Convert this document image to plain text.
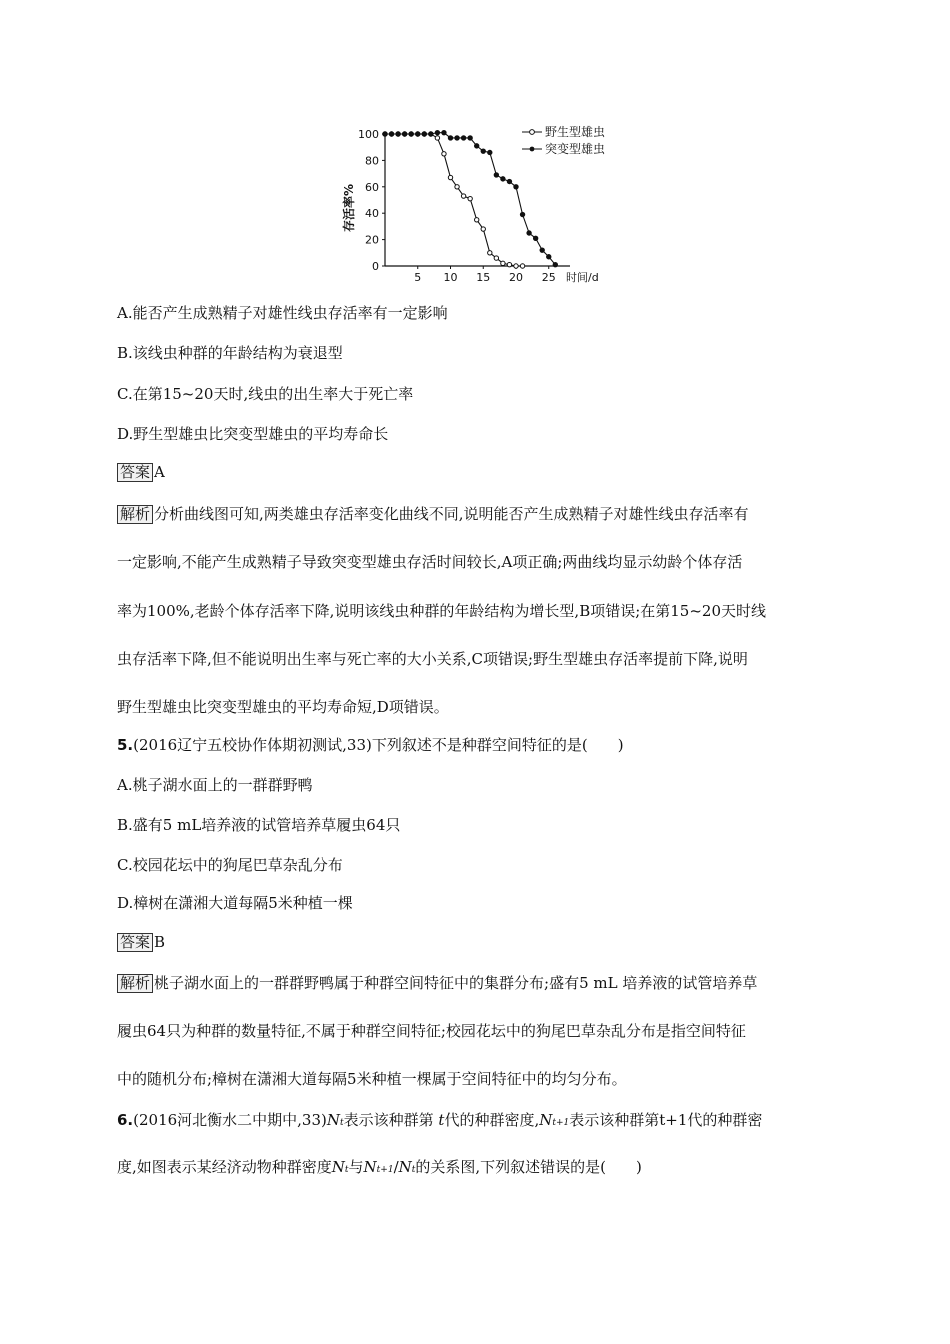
存活率%
0
20
40
60
80
100
5 10 15 20 25 时间/d
野生型雄虫
突变型雄虫
A.能否产生成熟精子对雄性线虫存活率有一定影响
B.该线虫种群的年龄结构为衰退型
C.在第15~20天时,线虫的出生率大于死亡率
D.野生型雄虫比突变型雄虫的平均寿命长
答案 A
解析 分析曲线图可知,两类雄虫存活率变化曲线不同,说明能否产生成熟精子对雄性线虫存活率有
一定影响,不能产生成熟精子导致突变型雄虫存活时间较长,A项正确;两曲线均显示幼龄个体存活
率为100%,老龄个体存活率下降,说明该线虫种群的年龄结构为增长型,B项错误;在第15~20天时线
虫存活率下降,但不能说明出生率与死亡率的大小关系,C项错误;野生型雄虫存活率提前下降,说明
野生型雄虫比突变型雄虫的平均寿命短,D项错误。
5.(2016辽宁五校协作体期初测试,33)下列叙述不是种群空间特征的是(　　)
A.桃子湖水面上的一群群野鸭
B.盛有5 mL培养液的试管培养草履虫64只
C.校园花坛中的狗尾巴草杂乱分布
D.樟树在潇湘大道每隔5米种植一棵
答案 B
解析 桃子湖水面上的一群群野鸭属于种群空间特征中的集群分布;盛有5 mL 培养液的试管培养草
履虫64只为种群的数量特征,不属于种群空间特征;校园花坛中的狗尾巴草杂乱分布是指空间特征
中的随机分布;樟树在潇湘大道每隔5米种植一棵属于空间特征中的均匀分布。
6.(2016河北衡水二中期中,33)Nt表示该种群第 t代的种群密度,Nt+1表示该种群第t+1代的种群密
度,如图表示某经济动物种群密度Nt与Nt+1/Nt的关系图,下列叙述错误的是(　　)
